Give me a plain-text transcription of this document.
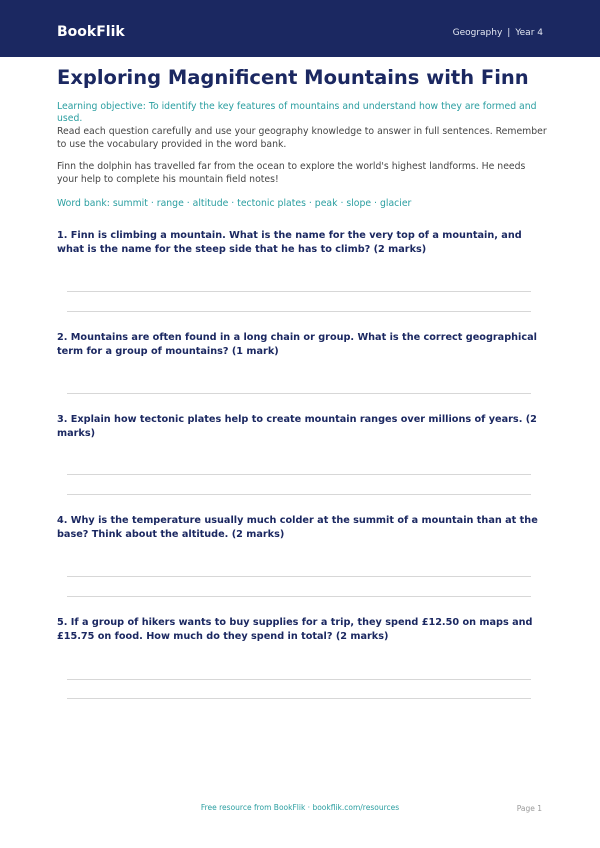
BookFlik	Geography | Year 4
Exploring Magnificent Mountains with Finn
Learning objective: To identify the key features of mountains and understand how they are formed and used.
Read each question carefully and use your geography knowledge to answer in full sentences. Remember to use the vocabulary provided in the word bank.
Finn the dolphin has travelled far from the ocean to explore the world's highest landforms. He needs your help to complete his mountain field notes!
Word bank: summit · range · altitude · tectonic plates · peak · slope · glacier
1. Finn is climbing a mountain. What is the name for the very top of a mountain, and what is the name for the steep side that he has to climb? (2 marks)
2. Mountains are often found in a long chain or group. What is the correct geographical term for a group of mountains? (1 mark)
3. Explain how tectonic plates help to create mountain ranges over millions of years. (2 marks)
4. Why is the temperature usually much colder at the summit of a mountain than at the base? Think about the altitude. (2 marks)
5. If a group of hikers wants to buy supplies for a trip, they spend £12.50 on maps and £15.75 on food. How much do they spend in total? (2 marks)
Free resource from BookFlik · bookflik.com/resources	Page 1
